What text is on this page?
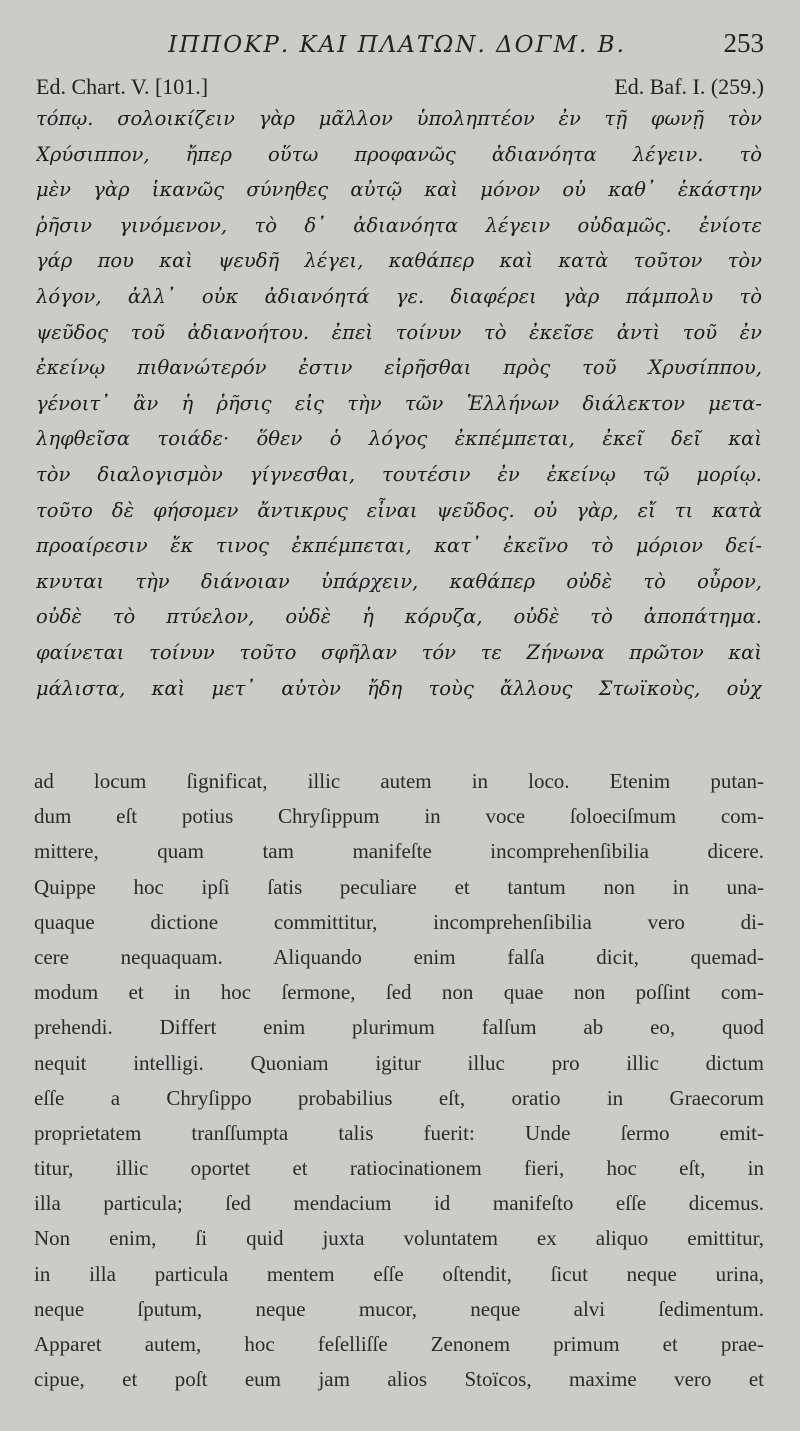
ΙΠΠΟΚΡ. ΚΑΙ ΠΛΑΤΩΝ. ΔΟΓΜ. Β.	253
Ed. Chart. V. [101.]	Ed. Baf. I. (259.)
τόπῳ. σολοικίζειν γὰρ μᾶλλον ὑποληπτέον ἐν τῇ φωνῇ τὸν
Χρύσιππον, ἤπερ οὕτω προφανῶς ἀδιανόητα λέγειν. τὸ
μὲν γὰρ ἱκανῶς σύνηθες αὐτῷ καὶ μόνον οὐ καθ᾽ ἑκάστην
ῥῆσιν γινόμενον, τὸ δ᾽ ἀδιανόητα λέγειν οὐδαμῶς. ἐνίοτε
γάρ που καὶ ψευδῆ λέγει, καθάπερ καὶ κατὰ τοῦτον τὸν
λόγον, ἀλλ᾽ οὐκ ἀδιανόητά γε. διαφέρει γὰρ πάμπολυ τὸ
ψεῦδος τοῦ ἀδιανοήτου. ἐπεὶ τοίνυν τὸ ἐκεῖσε ἀντὶ τοῦ ἐν
ἐκείνῳ πιθανώτερόν ἐστιν εἰρῆσθαι πρὸς τοῦ Χρυσίππου,
γένοιτ᾽ ἂν ἡ ῥῆσις εἰς τὴν τῶν Ἑλλήνων διάλεκτον μετα-
ληφθεῖσα τοιάδε· ὅθεν ὁ λόγος ἐκπέμπεται, ἐκεῖ δεῖ καὶ
τὸν διαλογισμὸν γίγνεσθαι, τουτέσιν ἐν ἐκείνῳ τῷ μορίῳ.
τοῦτο δὲ φήσομεν ἄντικρυς εἶναι ψεῦδος. οὐ γὰρ, εἴ τι κατὰ
προαίρεσιν ἔκ τινος ἐκπέμπεται, κατ᾽ ἐκεῖνο τὸ μόριον δεί-
κνυται τὴν διάνοιαν ὑπάρχειν, καθάπερ οὐδὲ τὸ οὖρον,
οὐδὲ τὸ πτύελον, οὐδὲ ἡ κόρυζα, οὐδὲ τὸ ἀποπάτημα.
φαίνεται τοίνυν τοῦτο σφῆλαν τόν τε Ζήνωνα πρῶτον καὶ
μάλιστα, καὶ μετ᾽ αὐτὸν ἤδη τοὺς ἄλλους Στωϊκοὺς, οὐχ
ad locum ſignificat, illic autem in loco. Etenim putan-
dum eſt potius Chryſippum in voce ſoloeciſmum com-
mittere, quam tam manifeſte incomprehenſibilia dicere.
Quippe hoc ipſi ſatis peculiare et tantum non in una-
quaque dictione committitur, incomprehenſibilia vero di-
cere nequaquam. Aliquando enim falſa dicit, quemad-
modum et in hoc ſermone, ſed non quae non poſſint com-
prehendi. Differt enim plurimum falſum ab eo, quod
nequit intelligi. Quoniam igitur illuc pro illic dictum
eſſe a Chryſippo probabilius eſt, oratio in Graecorum
proprietatem tranſſumpta talis fuerit: Unde ſermo emit-
titur, illic oportet et ratiocinationem fieri, hoc eſt, in
illa particula; ſed mendacium id manifeſto eſſe dicemus.
Non enim, ſi quid juxta voluntatem ex aliquo emittitur,
in illa particula mentem eſſe oſtendit, ſicut neque urina,
neque ſputum, neque mucor, neque alvi ſedimentum.
Apparet autem, hoc feſelliſſe Zenonem primum et prae-
cipue, et poſt eum jam alios Stoïcos, maxime vero et
